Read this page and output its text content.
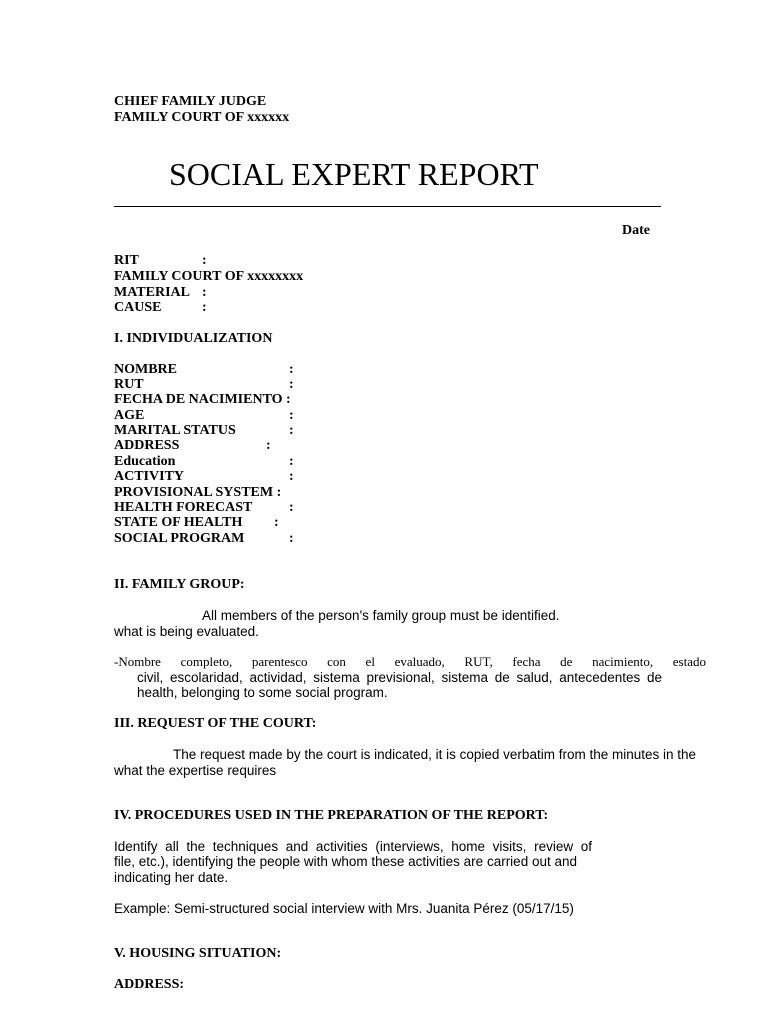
CHIEF FAMILY JUDGE
FAMILY COURT OF xxxxxx
SOCIAL EXPERT REPORT
Date
RIT	:
FAMILY COURT OF xxxxxxxx
MATERIAL :
CAUSE	:
I. INDIVIDUALIZATION
NOMBRE	:
RUT	:
FECHA DE NACIMIENTO :
AGE	:
MARITAL STATUS	:
ADDRESS	:
Education	:
ACTIVITY	:
PROVISIONAL SYSTEM :
HEALTH FORECAST	:
STATE OF HEALTH :
SOCIAL PROGRAM	:
II. FAMILY GROUP:
All members of the person's family group must be identified.
what is being evaluated.
-Nombre completo, parentesco con el evaluado, RUT, fecha de nacimiento, estado
civil, escolaridad, actividad, sistema previsional, sistema de salud, antecedentes de
health, belonging to some social program.
III. REQUEST OF THE COURT:
The request made by the court is indicated, it is copied verbatim from the minutes in the
what the expertise requires
IV. PROCEDURES USED IN THE PREPARATION OF THE REPORT:
Identify all the techniques and activities (interviews, home visits, review of
file, etc.), identifying the people with whom these activities are carried out and
indicating her date.
Example: Semi-structured social interview with Mrs. Juanita Pérez (05/17/15)
V. HOUSING SITUATION:
ADDRESS:
